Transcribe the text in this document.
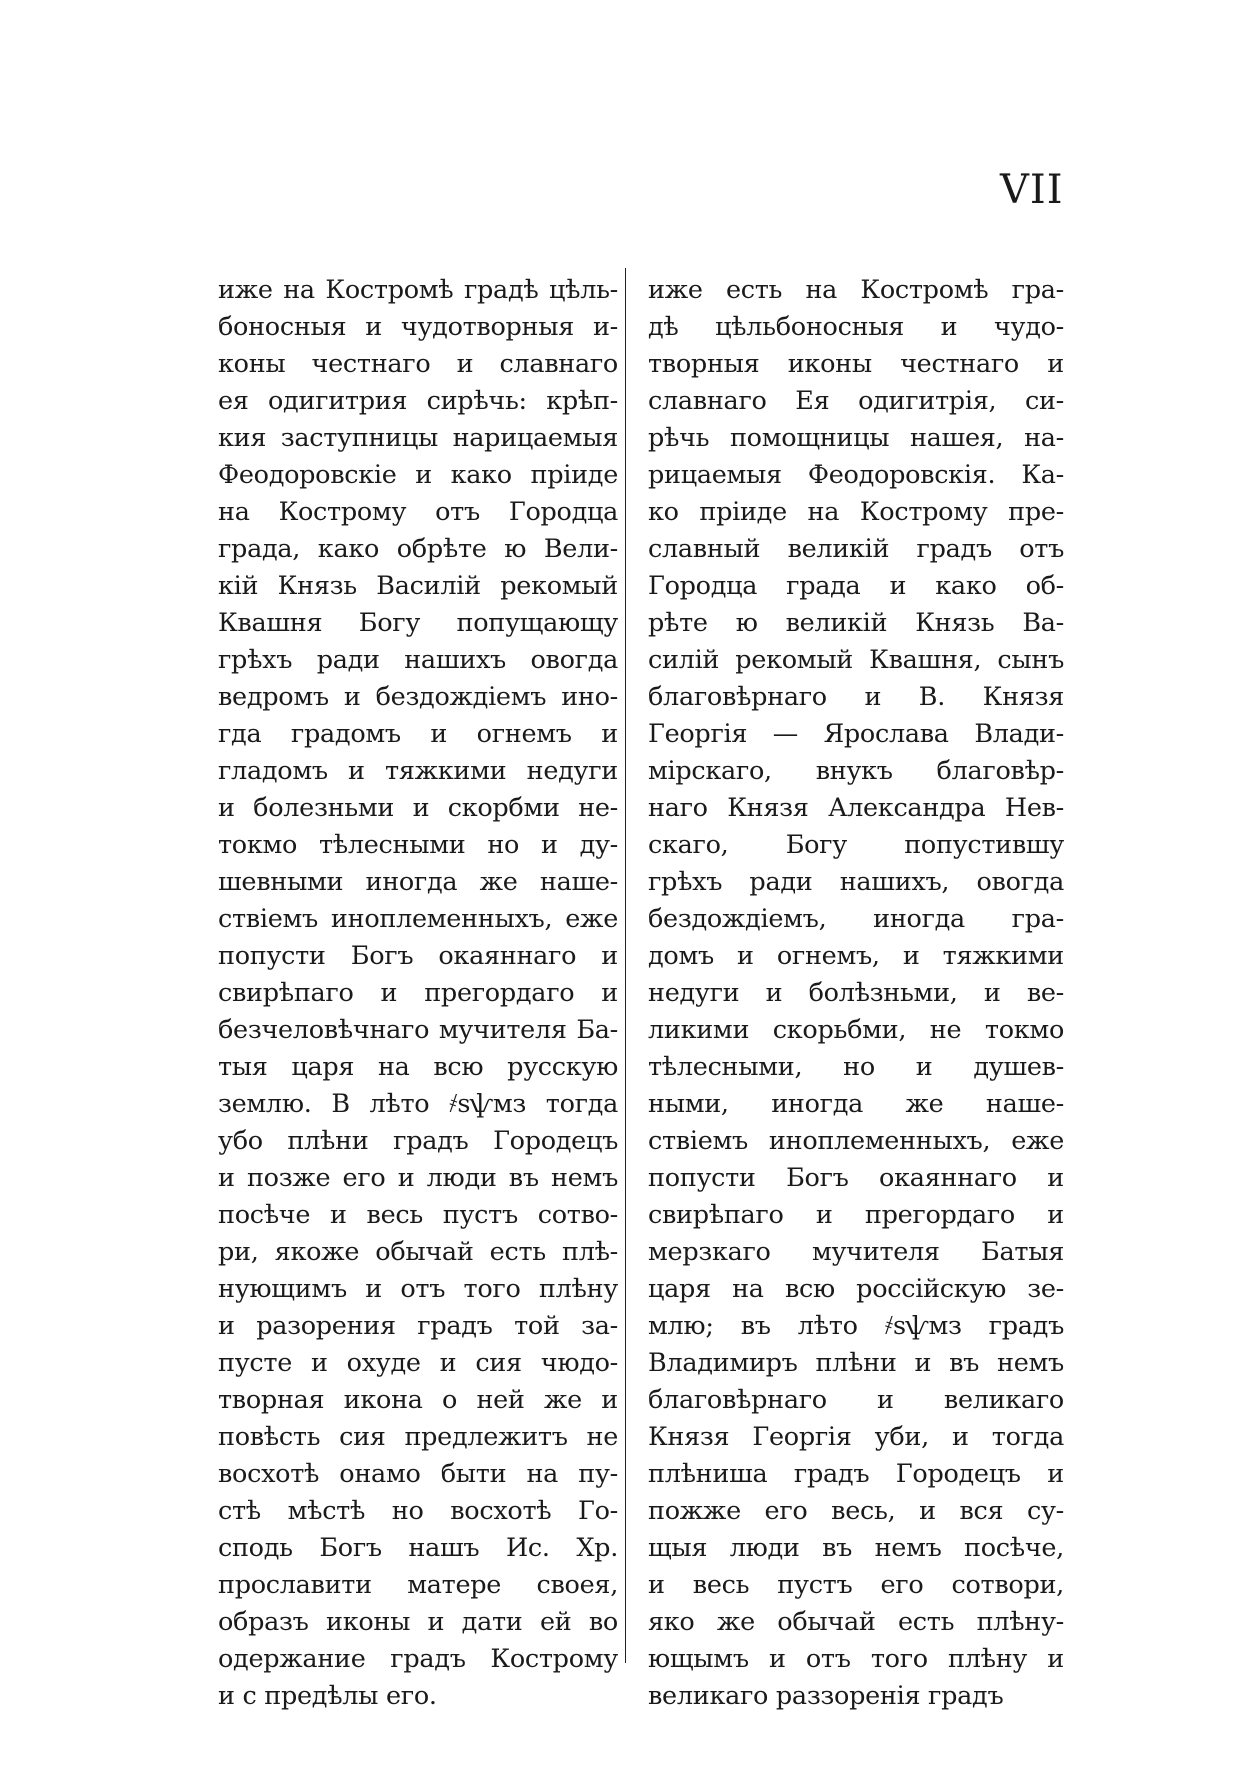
VII
иже на Костромѣ градѣ цѣль-
боносныя и чудотворныя и-
коны честнаго и славнаго
ея одигитрия сирѣчь: крѣп-
кия заступницы нарицаемыя
Феодоровскіе и како пріиде
на Кострому отъ Городца
града, како обрѣте ю Вели-
кій Князь Василій рекомый
Квашня Богу попущающу
грѣхъ ради нашихъ овогда
ведромъ и бездождіемъ ино-
гда градомъ и огнемъ и
гладомъ и тяжкими недуги
и болезньми и скорбми не-
токмо тѣлесными но и ду-
шевными иногда же наше-
ствіемъ иноплеменныхъ, еже
попусти Богъ окаяннаго и
свирѣпаго и прегордаго и
безчеловѣчнаго мучителя Ба-
тыя царя на всю русскую
землю. В лѣто ҂ѕѱмз тогда
убо плѣни градъ Городецъ
и позже его и люди въ немъ
посѣче и весь пустъ сотво-
ри, якоже обычай есть плѣ-
нующимъ и отъ того плѣну
и разорения градъ той за-
пусте и охуде и сия чюдо-
творная икона о ней же и
повѣсть сия предлежитъ не
восхотѣ онамо быти на пу-
стѣ мѣстѣ но восхотѣ Го-
сподь Богъ нашъ Ис. Хр.
прославити матере своея,
образъ иконы и дати ей во
одержание градъ Кострому
и с предѣлы его.
иже есть на Костромѣ гра-
дѣ цѣльбоносныя и чудо-
творныя иконы честнаго и
славнаго Ея одигитрія, си-
рѣчь помощницы нашея, на-
рицаемыя Феодоровскія. Ка-
ко пріиде на Кострому пре-
славный великій градъ отъ
Городца града и како об-
рѣте ю великій Князь Ва-
силій рекомый Квашня, сынъ
благовѣрнаго и В. Князя
Георгія — Ярослава Влади-
мірскаго, внукъ благовѣр-
наго Князя Александра Нев-
скаго, Богу попустившу
грѣхъ ради нашихъ, овогда
бездождіемъ, иногда гра-
домъ и огнемъ, и тяжкими
недуги и болѣзньми, и ве-
ликими скорьбми, не токмо
тѣлесными, но и душев-
ными, иногда же наше-
ствіемъ иноплеменныхъ, еже
попусти Богъ окаяннаго и
свирѣпаго и прегордаго и
мерзкаго мучителя Батыя
царя на всю россійскую зе-
млю; въ лѣто ҂ѕѱмз градъ
Владимиръ плѣни и въ немъ
благовѣрнаго и великаго
Князя Георгія уби, и тогда
плѣниша градъ Городецъ и
пожже его весь, и вся су-
щыя люди въ немъ посѣче,
и весь пустъ его сотвори,
яко же обычай есть плѣну-
ющымъ и отъ того плѣну и
великаго раззоренія градъ
